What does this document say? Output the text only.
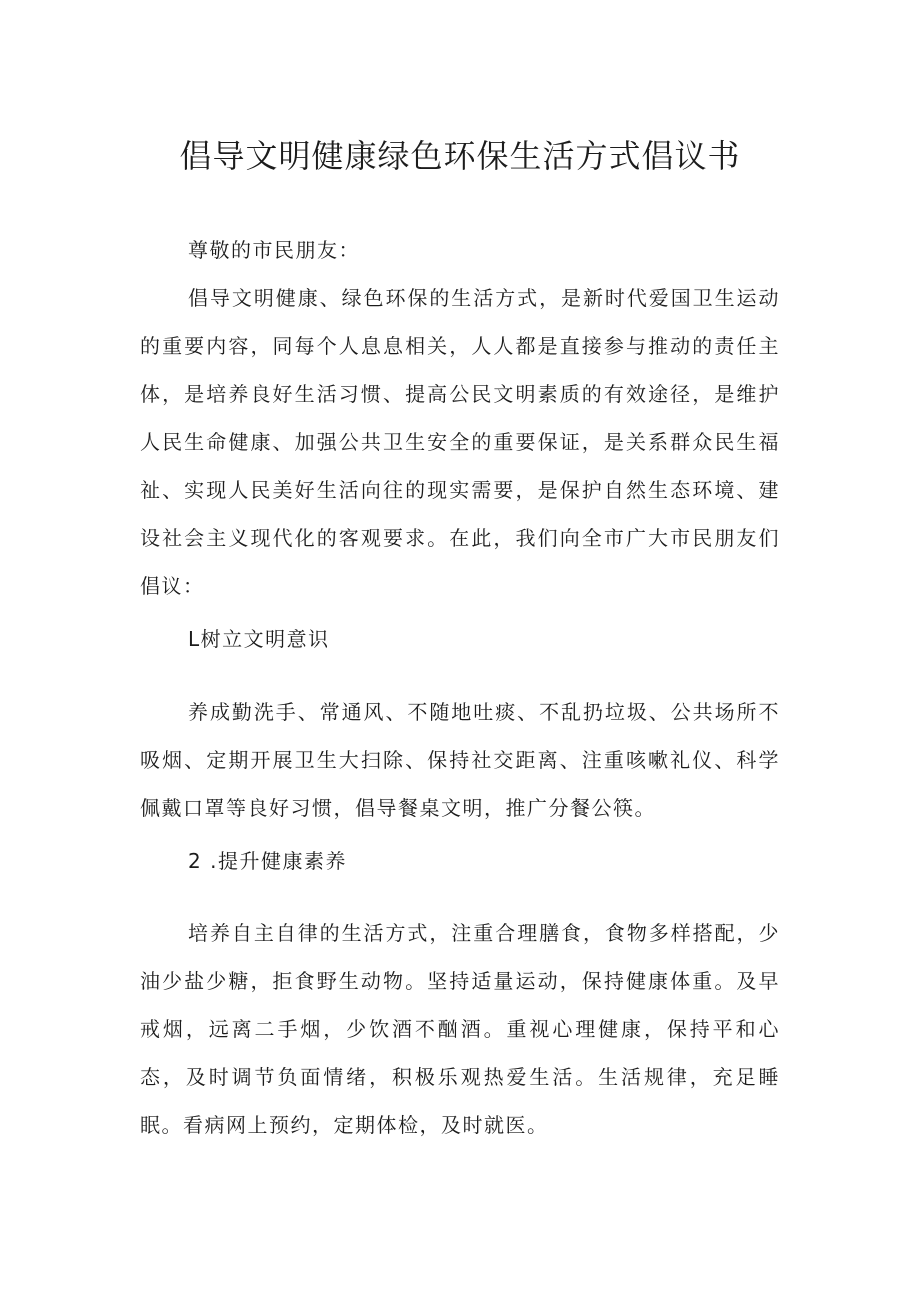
倡导文明健康绿色环保生活方式倡议书

尊敬的市民朋友：

倡导文明健康、绿色环保的生活方式，是新时代爱国卫生运动的重要内容，同每个人息息相关，人人都是直接参与推动的责任主体，是培养良好生活习惯、提高公民文明素质的有效途径，是维护人民生命健康、加强公共卫生安全的重要保证，是关系群众民生福祉、实现人民美好生活向往的现实需要，是保护自然生态环境、建设社会主义现代化的客观要求。在此，我们向全市广大市民朋友们倡议：

L树立文明意识

养成勤洗手、常通风、不随地吐痰、不乱扔垃圾、公共场所不吸烟、定期开展卫生大扫除、保持社交距离、注重咳嗽礼仪、科学佩戴口罩等良好习惯，倡导餐桌文明，推广分餐公筷。

2 .提升健康素养

培养自主自律的生活方式，注重合理膳食，食物多样搭配，少油少盐少糖，拒食野生动物。坚持适量运动，保持健康体重。及早戒烟，远离二手烟，少饮酒不酗酒。重视心理健康，保持平和心态，及时调节负面情绪，积极乐观热爱生活。生活规律，充足睡眠。看病网上预约，定期体检，及时就医。
